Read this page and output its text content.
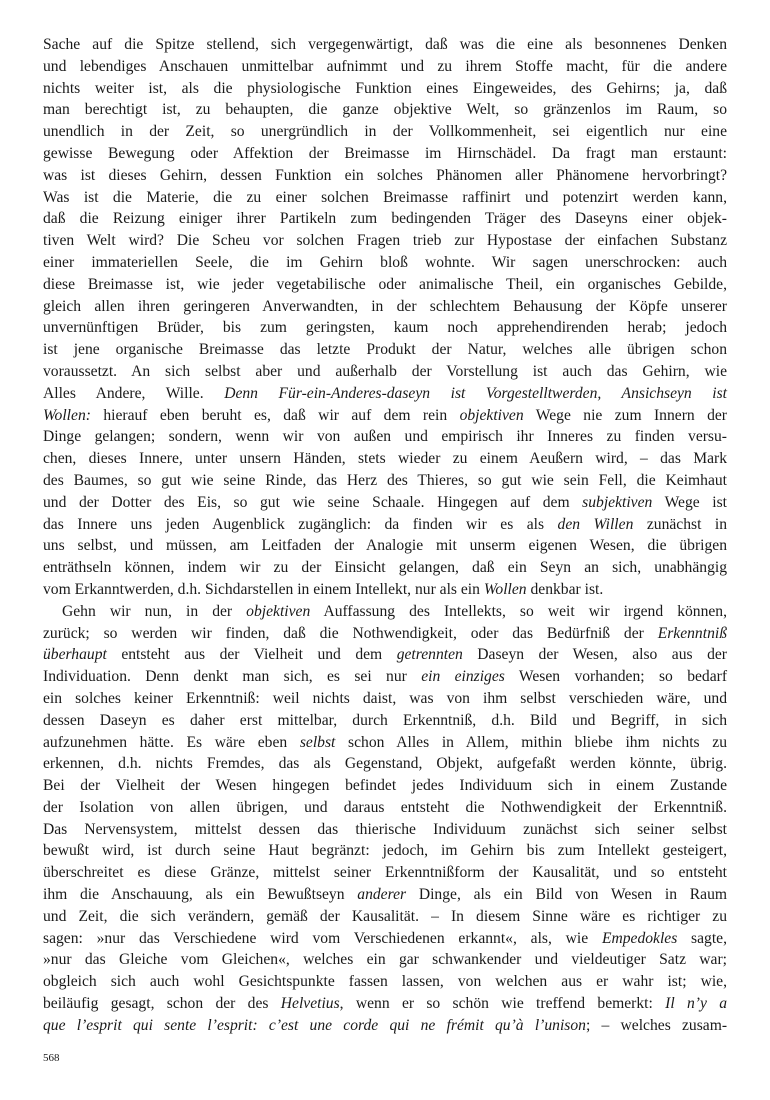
Sache auf die Spitze stellend, sich vergegenwärtigt, daß was die eine als besonnenes Denken
und lebendiges Anschauen unmittelbar aufnimmt und zu ihrem Stoffe macht, für die andere
nichts weiter ist, als die physiologische Funktion eines Eingeweides, des Gehirns; ja, daß
man berechtigt ist, zu behaupten, die ganze objektive Welt, so gränzenlos im Raum, so
unendlich in der Zeit, so unergründlich in der Vollkommenheit, sei eigentlich nur eine
gewisse Bewegung oder Affektion der Breimasse im Hirnschädel. Da fragt man erstaunt:
was ist dieses Gehirn, dessen Funktion ein solches Phänomen aller Phänomene hervorbringt?
Was ist die Materie, die zu einer solchen Breimasse raffinirt und potenzirt werden kann,
daß die Reizung einiger ihrer Partikeln zum bedingenden Träger des Daseyns einer objek-
tiven Welt wird? Die Scheu vor solchen Fragen trieb zur Hypostase der einfachen Substanz
einer immateriellen Seele, die im Gehirn bloß wohnte. Wir sagen unerschrocken: auch
diese Breimasse ist, wie jeder vegetabilische oder animalische Theil, ein organisches Gebilde,
gleich allen ihren geringeren Anverwandten, in der schlechtem Behausung der Köpfe unserer
unvernünftigen Brüder, bis zum geringsten, kaum noch apprehendirenden herab; jedoch
ist jene organische Breimasse das letzte Produkt der Natur, welches alle übrigen schon
voraussetzt. An sich selbst aber und außerhalb der Vorstellung ist auch das Gehirn, wie
Alles Andere, Wille. Denn Für-ein-Anderes-daseyn ist Vorgestelltwerden, Ansichseyn ist
Wollen: hierauf eben beruht es, daß wir auf dem rein objektiven Wege nie zum Innern der
Dinge gelangen; sondern, wenn wir von außen und empirisch ihr Inneres zu finden versu-
chen, dieses Innere, unter unsern Händen, stets wieder zu einem Aeußern wird, – das Mark
des Baumes, so gut wie seine Rinde, das Herz des Thieres, so gut wie sein Fell, die Keimhaut
und der Dotter des Eis, so gut wie seine Schaale. Hingegen auf dem subjektiven Wege ist
das Innere uns jeden Augenblick zugänglich: da finden wir es als den Willen zunächst in
uns selbst, und müssen, am Leitfaden der Analogie mit unserm eigenen Wesen, die übrigen
enträthseln können, indem wir zu der Einsicht gelangen, daß ein Seyn an sich, unabhängig
vom Erkanntwerden, d.h. Sichdarstellen in einem Intellekt, nur als ein Wollen denkbar ist.
Gehn wir nun, in der objektiven Auffassung des Intellekts, so weit wir irgend können,
zurück; so werden wir finden, daß die Nothwendigkeit, oder das Bedürfniß der Erkenntniß
überhaupt entsteht aus der Vielheit und dem getrennten Daseyn der Wesen, also aus der
Individuation. Denn denkt man sich, es sei nur ein einziges Wesen vorhanden; so bedarf
ein solches keiner Erkenntniß: weil nichts daist, was von ihm selbst verschieden wäre, und
dessen Daseyn es daher erst mittelbar, durch Erkenntniß, d.h. Bild und Begriff, in sich
aufzunehmen hätte. Es wäre eben selbst schon Alles in Allem, mithin bliebe ihm nichts zu
erkennen, d.h. nichts Fremdes, das als Gegenstand, Objekt, aufgefaßt werden könnte, übrig.
Bei der Vielheit der Wesen hingegen befindet jedes Individuum sich in einem Zustande
der Isolation von allen übrigen, und daraus entsteht die Nothwendigkeit der Erkenntniß.
Das Nervensystem, mittelst dessen das thierische Individuum zunächst sich seiner selbst
bewußt wird, ist durch seine Haut begränzt: jedoch, im Gehirn bis zum Intellekt gesteigert,
überschreitet es diese Gränze, mittelst seiner Erkenntnißform der Kausalität, und so entsteht
ihm die Anschauung, als ein Bewußtseyn anderer Dinge, als ein Bild von Wesen in Raum
und Zeit, die sich verändern, gemäß der Kausalität. – In diesem Sinne wäre es richtiger zu
sagen: »nur das Verschiedene wird vom Verschiedenen erkannt«, als, wie Empedokles sagte,
»nur das Gleiche vom Gleichen«, welches ein gar schwankender und vieldeutiger Satz war;
obgleich sich auch wohl Gesichtspunkte fassen lassen, von welchen aus er wahr ist; wie,
beiläufig gesagt, schon der des Helvetius, wenn er so schön wie treffend bemerkt: Il n’y a
que l’esprit qui sente l’esprit: c’est une corde qui ne frémit qu’à l’unison; – welches zusam-
568
